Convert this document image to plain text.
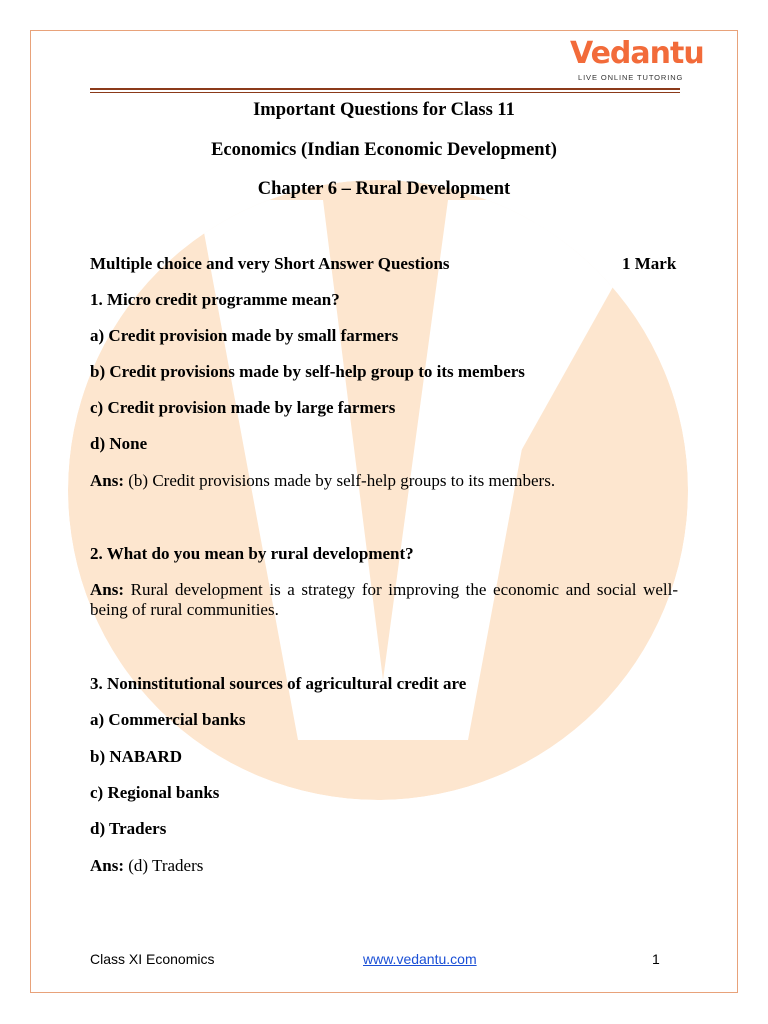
Vedantu
LIVE ONLINE TUTORING
Important Questions for Class 11
Economics (Indian Economic Development)
Chapter 6 – Rural Development
Multiple choice and very Short Answer Questions	1 Mark
1. Micro credit programme mean?
a) Credit provision made by small farmers
b) Credit provisions made by self-help group to its members
c) Credit provision made by large farmers
d) None
Ans: (b) Credit provisions made by self-help groups to its members.
2. What do you mean by rural development?
Ans: Rural development is a strategy for improving the economic and social well-being of rural communities.
3. Noninstitutional sources of agricultural credit are
a) Commercial banks
b) NABARD
c) Regional banks
d) Traders
Ans: (d) Traders
Class XI Economics	www.vedantu.com	1
